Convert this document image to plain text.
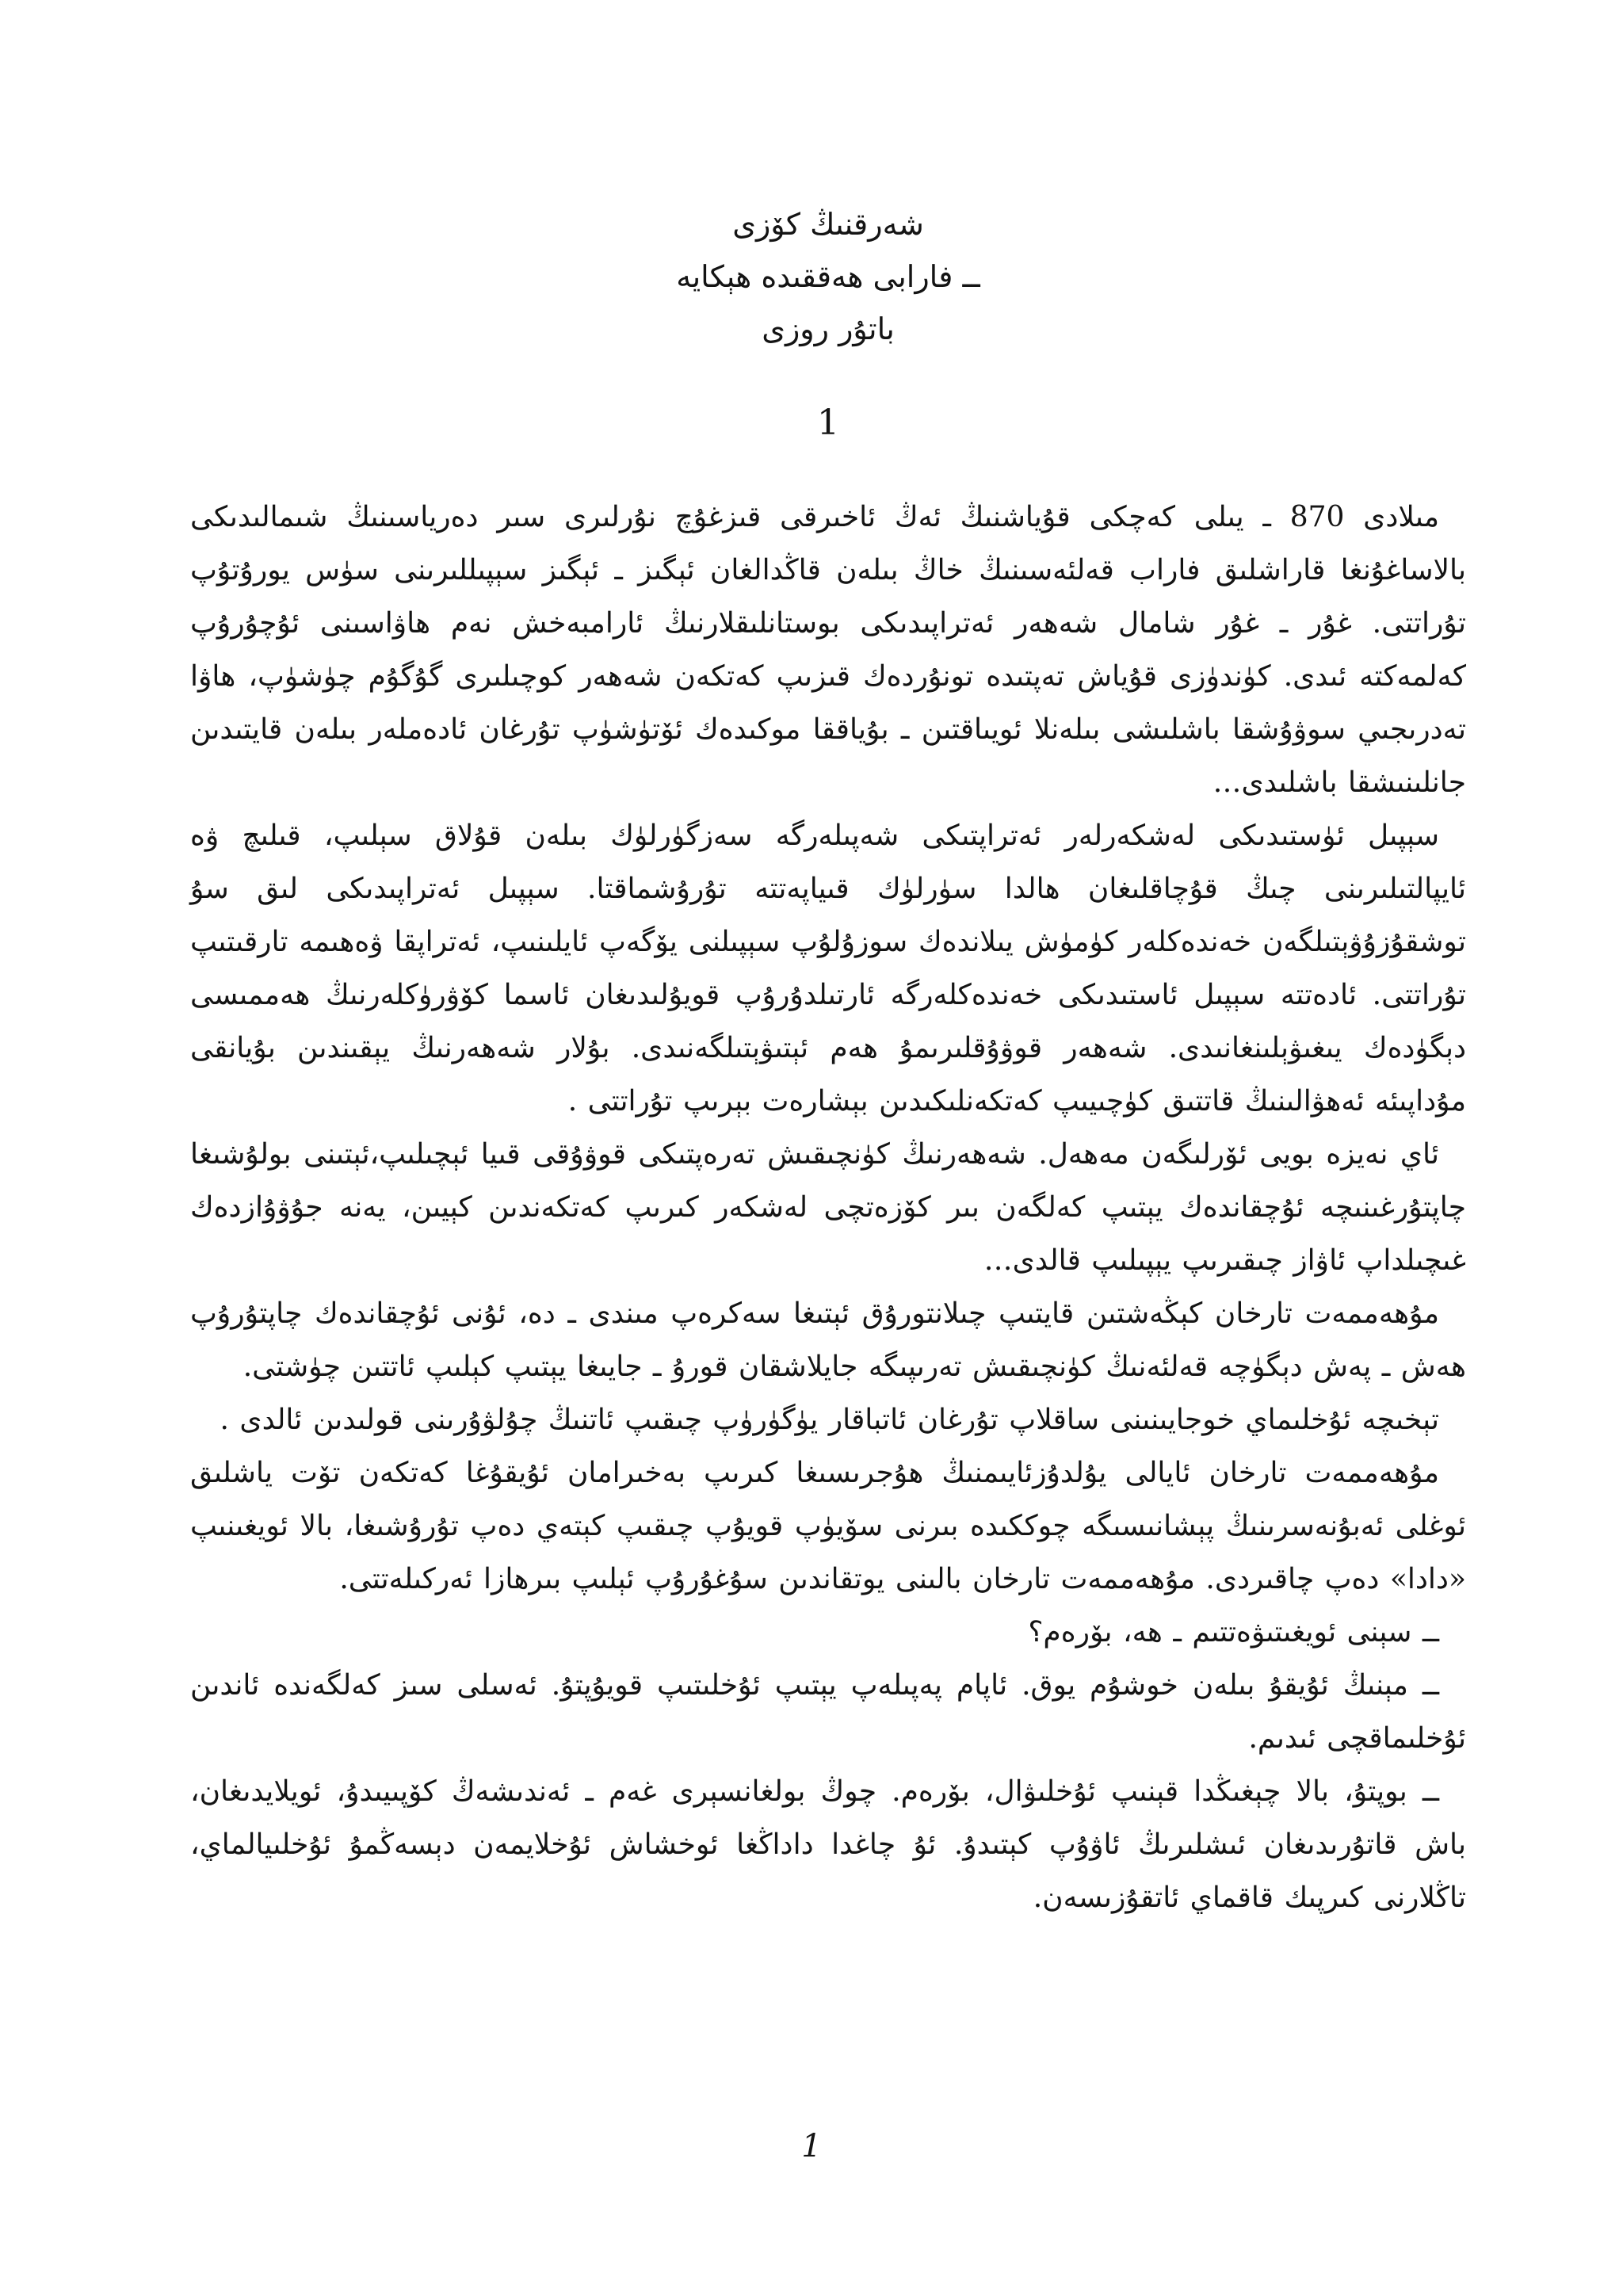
شەرقنىڭ كۆزى
ــ فارابى ھەققىدە ھېكايە
باتۇر روزى
1

مىلادى 870 ـ يىلى كەچكى قۇياشنىڭ ئەڭ ئاخىرقى قىزغۇچ نۇرلىرى سىر دەرياسىنىڭ شىمالىدىكى بالاساغۇنغا قاراشلىق فاراب قەلئەسىنىڭ خاڭ بىلەن قاڭدالغان ئېگىز ـ ئېگىز سېپىللىرىنى سۈس يورۇتۇپ تۇراتتى. غۇر ـ غۇر شامال شەھەر ئەتراپىدىكى بوستانلىقلارنىڭ ئارامبەخش نەم ھاۋاسىنى ئۇچۇرۇپ كەلمەكتە ئىدى. كۈندۈزى قۇياش تەپتىدە تونۇردەك قىزىپ كەتكەن شەھەر كوچىلىرى گۇگۇم چۈشۈپ، ھاۋا تەدرىجىي سوۋۇشقا باشلىشى بىلەنلا ئويىاقتىن ـ بۇياققا موكىدەك ئۆتۈشۈپ تۇرغان ئادەملەر بىلەن قايتىدىن جانلىنىشقا باشلىدى…

سېپىل ئۈستىدىكى لەشكەرلەر ئەتراپتىكى شەپىلەرگە سەزگۈرلۈك بىلەن قۇلاق سېلىپ، قىلىچ ۋە ئايپالتىلىرىنى چىڭ قۇچاقلىغان ھالدا سۈرلۈك قىياپەتتە تۇرۇشماقتا. سېپىل ئەتراپىدىكى لىق سۇ توشقۇزۇۋېتىلگەن خەندەكلەر كۈمۈش يىلاندەك سوزۇلۇپ سېپىلنى يۆگەپ ئايلىنىپ، ئەتراپقا ۋەھىمە تارقىتىپ تۇراتتى. ئادەتتە سېپىل ئاستىدىكى خەندەكلەرگە ئارتىلدۇرۇپ قويۇلىدىغان ئاسما كۆۋرۈكلەرنىڭ ھەممىسى دېگۈدەك يىغىۋېلىنغانىدى. شەھەر قوۋۇقلىرىمۇ ھەم ئېتىۋېتىلگەنىدى. بۇلار شەھەرنىڭ يېقىندىن بۇيانقى مۇداپىئە ئەھۋالىنىڭ قاتتىق كۈچىيىپ كەتكەنلىكىدىن بېشارەت بېرىپ تۇراتتى .

ئاي نەيزە بويى ئۆرلىگەن مەھەل. شەھەرنىڭ كۈنچىقىش تەرەپتىكى قوۋۇقى قىيا ئېچىلىپ،ئېتىنى بولۇشىغا چاپتۇرغىنىچە ئۇچقاندەك يېتىپ كەلگەن بىر كۆزەتچى لەشكەر كىرىپ كەتكەندىن كېيىن، يەنە جۇۋۇازدەك غىچىلداپ ئاۋاز چىقىرىپ يېپىلىپ قالدى…

مۇھەممەت تارخان كېڭەشتىن قايتىپ چىلانتورۇق ئېتىغا سەكرەپ مىندى ـ دە، ئۇنى ئۇچقاندەك چاپتۇرۇپ ھەش ـ پەش دېگۈچە قەلئەنىڭ كۈنچىقىش تەرىپىگە جايلاشقان قورۇ ـ جايىغا يېتىپ كېلىپ ئاتتىن چۈشتى.

تېخىچە ئۇخلىماي خوجايىنىنى ساقلاپ تۇرغان ئاتباقار يۈگۈرۈپ چىقىپ ئاتنىڭ چۇلۋۇرىنى قولىدىن ئالدى .

مۇھەممەت تارخان ئايالى يۇلدۇزئايىمنىڭ ھۇجرىسىغا كىرىپ بەخىرامان ئۇيقۇغا كەتكەن تۆت ياشلىق ئوغلى ئەبۇنەسرىنىڭ پېشانىسىگە چوككىدە بىرنى سۆيۈپ قويۇپ چىقىپ كېتەي دەپ تۇرۇشىغا، بالا ئويغىنىپ «دادا» دەپ چاقىردى. مۇھەممەت تارخان بالىنى يوتقاندىن سۇغۇرۇپ ئېلىپ بىرھازا ئەركىلەتتى.

ــ سېنى ئويغىتىۋەتتىم ـ ھە، بۆرەم؟

ــ مېنىڭ ئۇيقۇ بىلەن خوشۇم يوق. ئاپام پەپىلەپ يېتىپ ئۇخلىتىپ قويۇپتۇ. ئەسلى سىز كەلگەندە ئاندىن ئۇخلىماقچى ئىدىم.

ــ بوپتۇ، بالا چېغىڭدا قېنىپ ئۇخلىۋال، بۆرەم. چوڭ بولغانسېرى غەم ـ ئەندىشەڭ كۆپىيىدۇ، ئويلايدىغان، باش قاتۇرىدىغان ئىشلىرىڭ ئاۋۇپ كېتىدۇ. ئۇ چاغدا داداڭغا ئوخشاش ئۇخلايمەن دېسەڭمۇ ئۇخلىيالماي، تاڭلارنى كىرپىك قاقماي ئاتقۇزىسەن.

1
